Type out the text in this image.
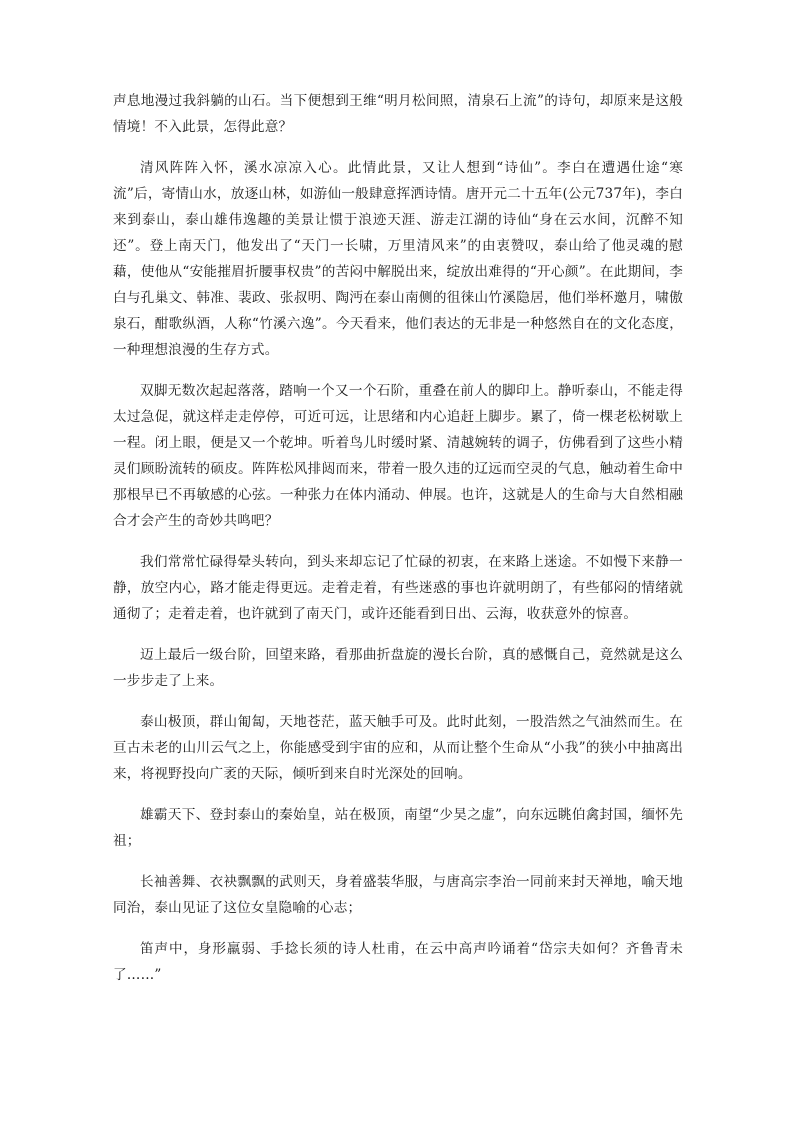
声息地漫过我斜躺的山石。当下便想到王维“明月松间照，清泉石上流”的诗句，却原来是这般情境！不入此景，怎得此意？

清风阵阵入怀，溪水凉凉入心。此情此景，又让人想到“诗仙”。李白在遭遇仕途“寒流”后，寄情山水，放逐山林，如游仙一般肆意挥洒诗情。唐开元二十五年(公元737年)，李白来到泰山，泰山雄伟逸趣的美景让惯于浪迹天涯、游走江湖的诗仙“身在云水间，沉醉不知还”。登上南天门，他发出了“天门一长啸，万里清风来”的由衷赞叹，泰山给了他灵魂的慰藉，使他从“安能摧眉折腰事权贵”的苦闷中解脱出来，绽放出难得的“开心颜”。在此期间，李白与孔巢文、韩准、裴政、张叔明、陶沔在泰山南侧的徂徕山竹溪隐居，他们举杯邀月，啸傲泉石，酣歌纵酒，人称“竹溪六逸”。今天看来，他们表达的无非是一种悠然自在的文化态度，一种理想浪漫的生存方式。

双脚无数次起起落落，踏响一个又一个石阶，重叠在前人的脚印上。静听泰山，不能走得太过急促，就这样走走停停，可近可远，让思绪和内心追赶上脚步。累了，倚一棵老松树歇上一程。闭上眼，便是又一个乾坤。听着鸟儿时缓时紧、清越婉转的调子，仿佛看到了这些小精灵们顾盼流转的硕皮。阵阵松风排闼而来，带着一股久违的辽远而空灵的气息，触动着生命中那根早已不再敏感的心弦。一种张力在体内涌动、伸展。也许，这就是人的生命与大自然相融合才会产生的奇妙共鸣吧？

我们常常忙碌得晕头转向，到头来却忘记了忙碌的初衷，在来路上迷途。不如慢下来静一静，放空内心，路才能走得更远。走着走着，有些迷惑的事也许就明朗了，有些郁闷的情绪就通彻了；走着走着，也许就到了南天门，或许还能看到日出、云海，收获意外的惊喜。

迈上最后一级台阶，回望来路，看那曲折盘旋的漫长台阶，真的感慨自己，竟然就是这么一步步走了上来。

泰山极顶，群山匍匐，天地苍茫，蓝天触手可及。此时此刻，一股浩然之气油然而生。在亘古未老的山川云气之上，你能感受到宇宙的应和，从而让整个生命从“小我”的狭小中抽离出来，将视野投向广袤的天际，倾听到来自时光深处的回响。

雄霸天下、登封泰山的秦始皇，站在极顶，南望“少昊之虚”，向东远眺伯禽封国，缅怀先祖；

长袖善舞、衣袂飘飘的武则天，身着盛装华服，与唐高宗李治一同前来封天禅地，喻天地同治，泰山见证了这位女皇隐喻的心志；

笛声中，身形羸弱、手捻长须的诗人杜甫，在云中高声吟诵着“岱宗夫如何？齐鲁青未了……”
